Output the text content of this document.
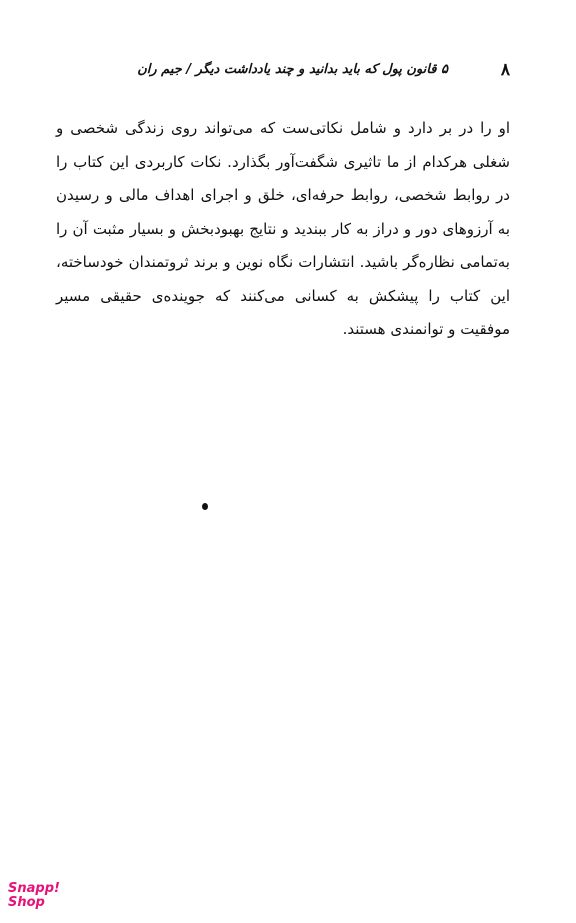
۸
۵ قانون پول که باید بدانید و چند یادداشت دیگر / جیم ران

او را در بر دارد و شامل نکاتی‌ست که می‌تواند روی زندگی شخصی و شغلی هرکدام از ما تاثیری شگفت‌آور بگذارد. نکات کاربردی این کتاب را در روابط شخصی، روابط حرفه‌ای، خلق و اجرای اهداف مالی و رسیدن به آرزوهای دور و دراز به کار ببندید و نتایج بهبودبخش و بسیار مثبت آن را به‌تمامی نظاره‌گر باشید. انتشارات نگاه نوین و برند ثروتمندان خودساخته، این کتاب را پیشکش به کسانی می‌کنند که جوینده‌ی حقیقی مسیر موفقیت و توانمندی هستند.

Snapp!
Shop
